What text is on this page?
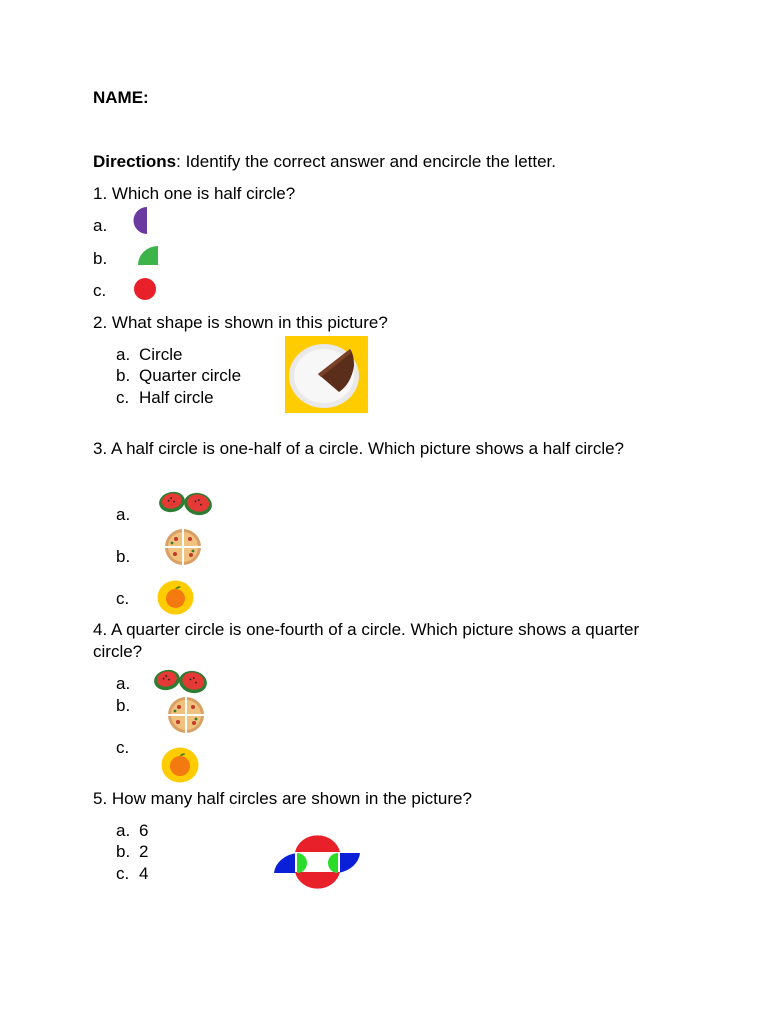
NAME:
Directions: Identify the correct answer and encircle the letter.
1. Which one is half circle?
a.
b.
c.
2. What shape is shown in this picture?
a. Circle
b. Quarter circle
c. Half circle
3. A half circle is one-half of a circle. Which picture shows a half circle?
a.
b.
c.
4. A quarter circle is one-fourth of a circle. Which picture shows a quarter
circle?
a.
b.
c.
5. How many half circles are shown in the picture?
a. 6
b. 2
c. 4
